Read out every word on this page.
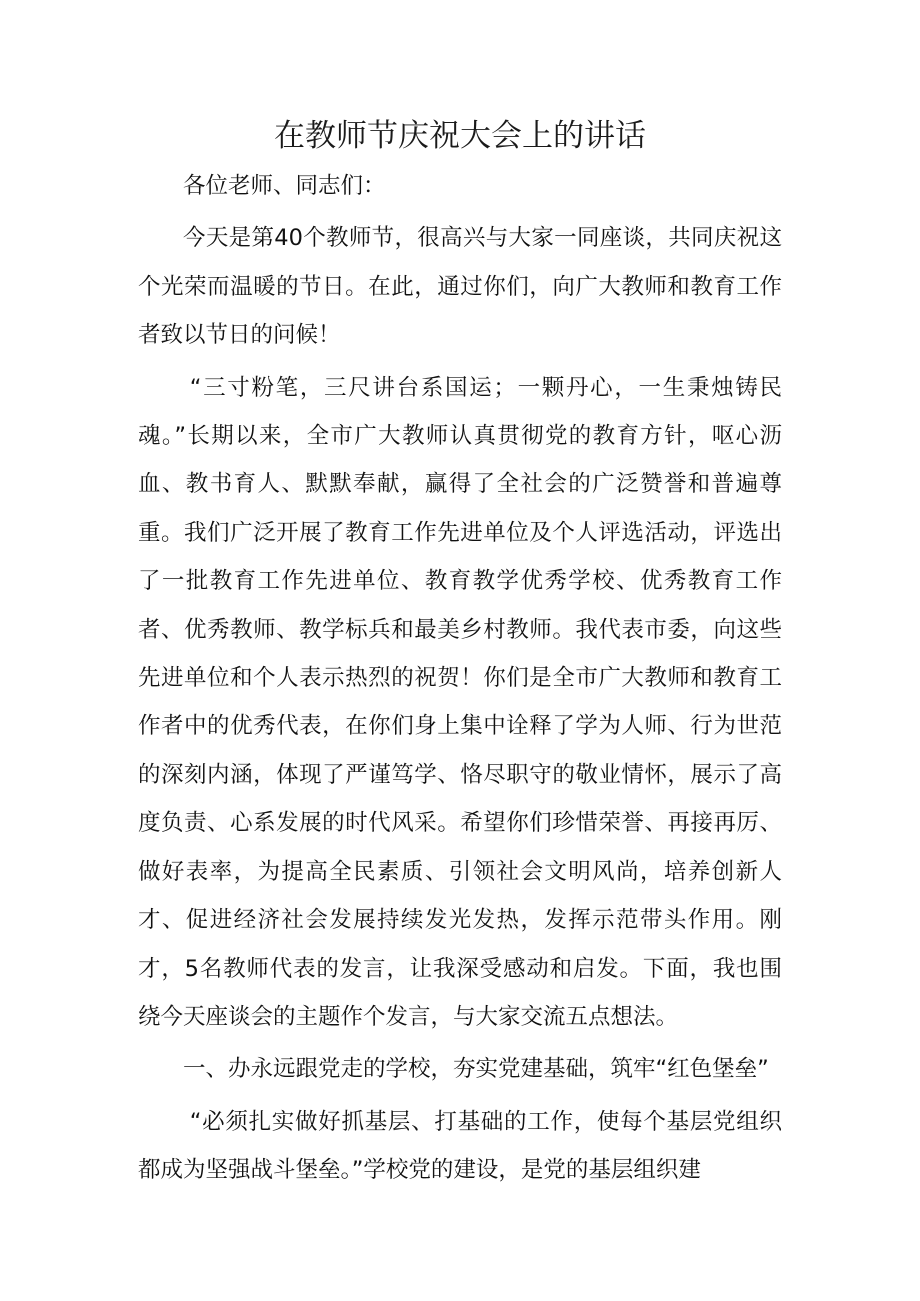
在教师节庆祝大会上的讲话

各位老师、同志们：

今天是第40个教师节，很高兴与大家一同座谈，共同庆祝这个光荣而温暖的节日。在此，通过你们，向广大教师和教育工作者致以节日的问候！

“三寸粉笔，三尺讲台系国运；一颗丹心，一生秉烛铸民魂。”长期以来，全市广大教师认真贯彻党的教育方针，呕心沥血、教书育人、默默奉献，赢得了全社会的广泛赞誉和普遍尊重。我们广泛开展了教育工作先进单位及个人评选活动，评选出了一批教育工作先进单位、教育教学优秀学校、优秀教育工作者、优秀教师、教学标兵和最美乡村教师。我代表市委，向这些先进单位和个人表示热烈的祝贺！你们是全市广大教师和教育工作者中的优秀代表，在你们身上集中诠释了学为人师、行为世范的深刻内涵，体现了严谨笃学、恪尽职守的敬业情怀，展示了高度负责、心系发展的时代风采。希望你们珍惜荣誉、再接再厉、做好表率，为提高全民素质、引领社会文明风尚，培养创新人才、促进经济社会发展持续发光发热，发挥示范带头作用。刚才，5名教师代表的发言，让我深受感动和启发。下面，我也围绕今天座谈会的主题作个发言，与大家交流五点想法。

一、办永远跟党走的学校，夯实党建基础，筑牢“红色堡垒”

“必须扎实做好抓基层、打基础的工作，使每个基层党组织都成为坚强战斗堡垒。”学校党的建设，是党的基层组织建
